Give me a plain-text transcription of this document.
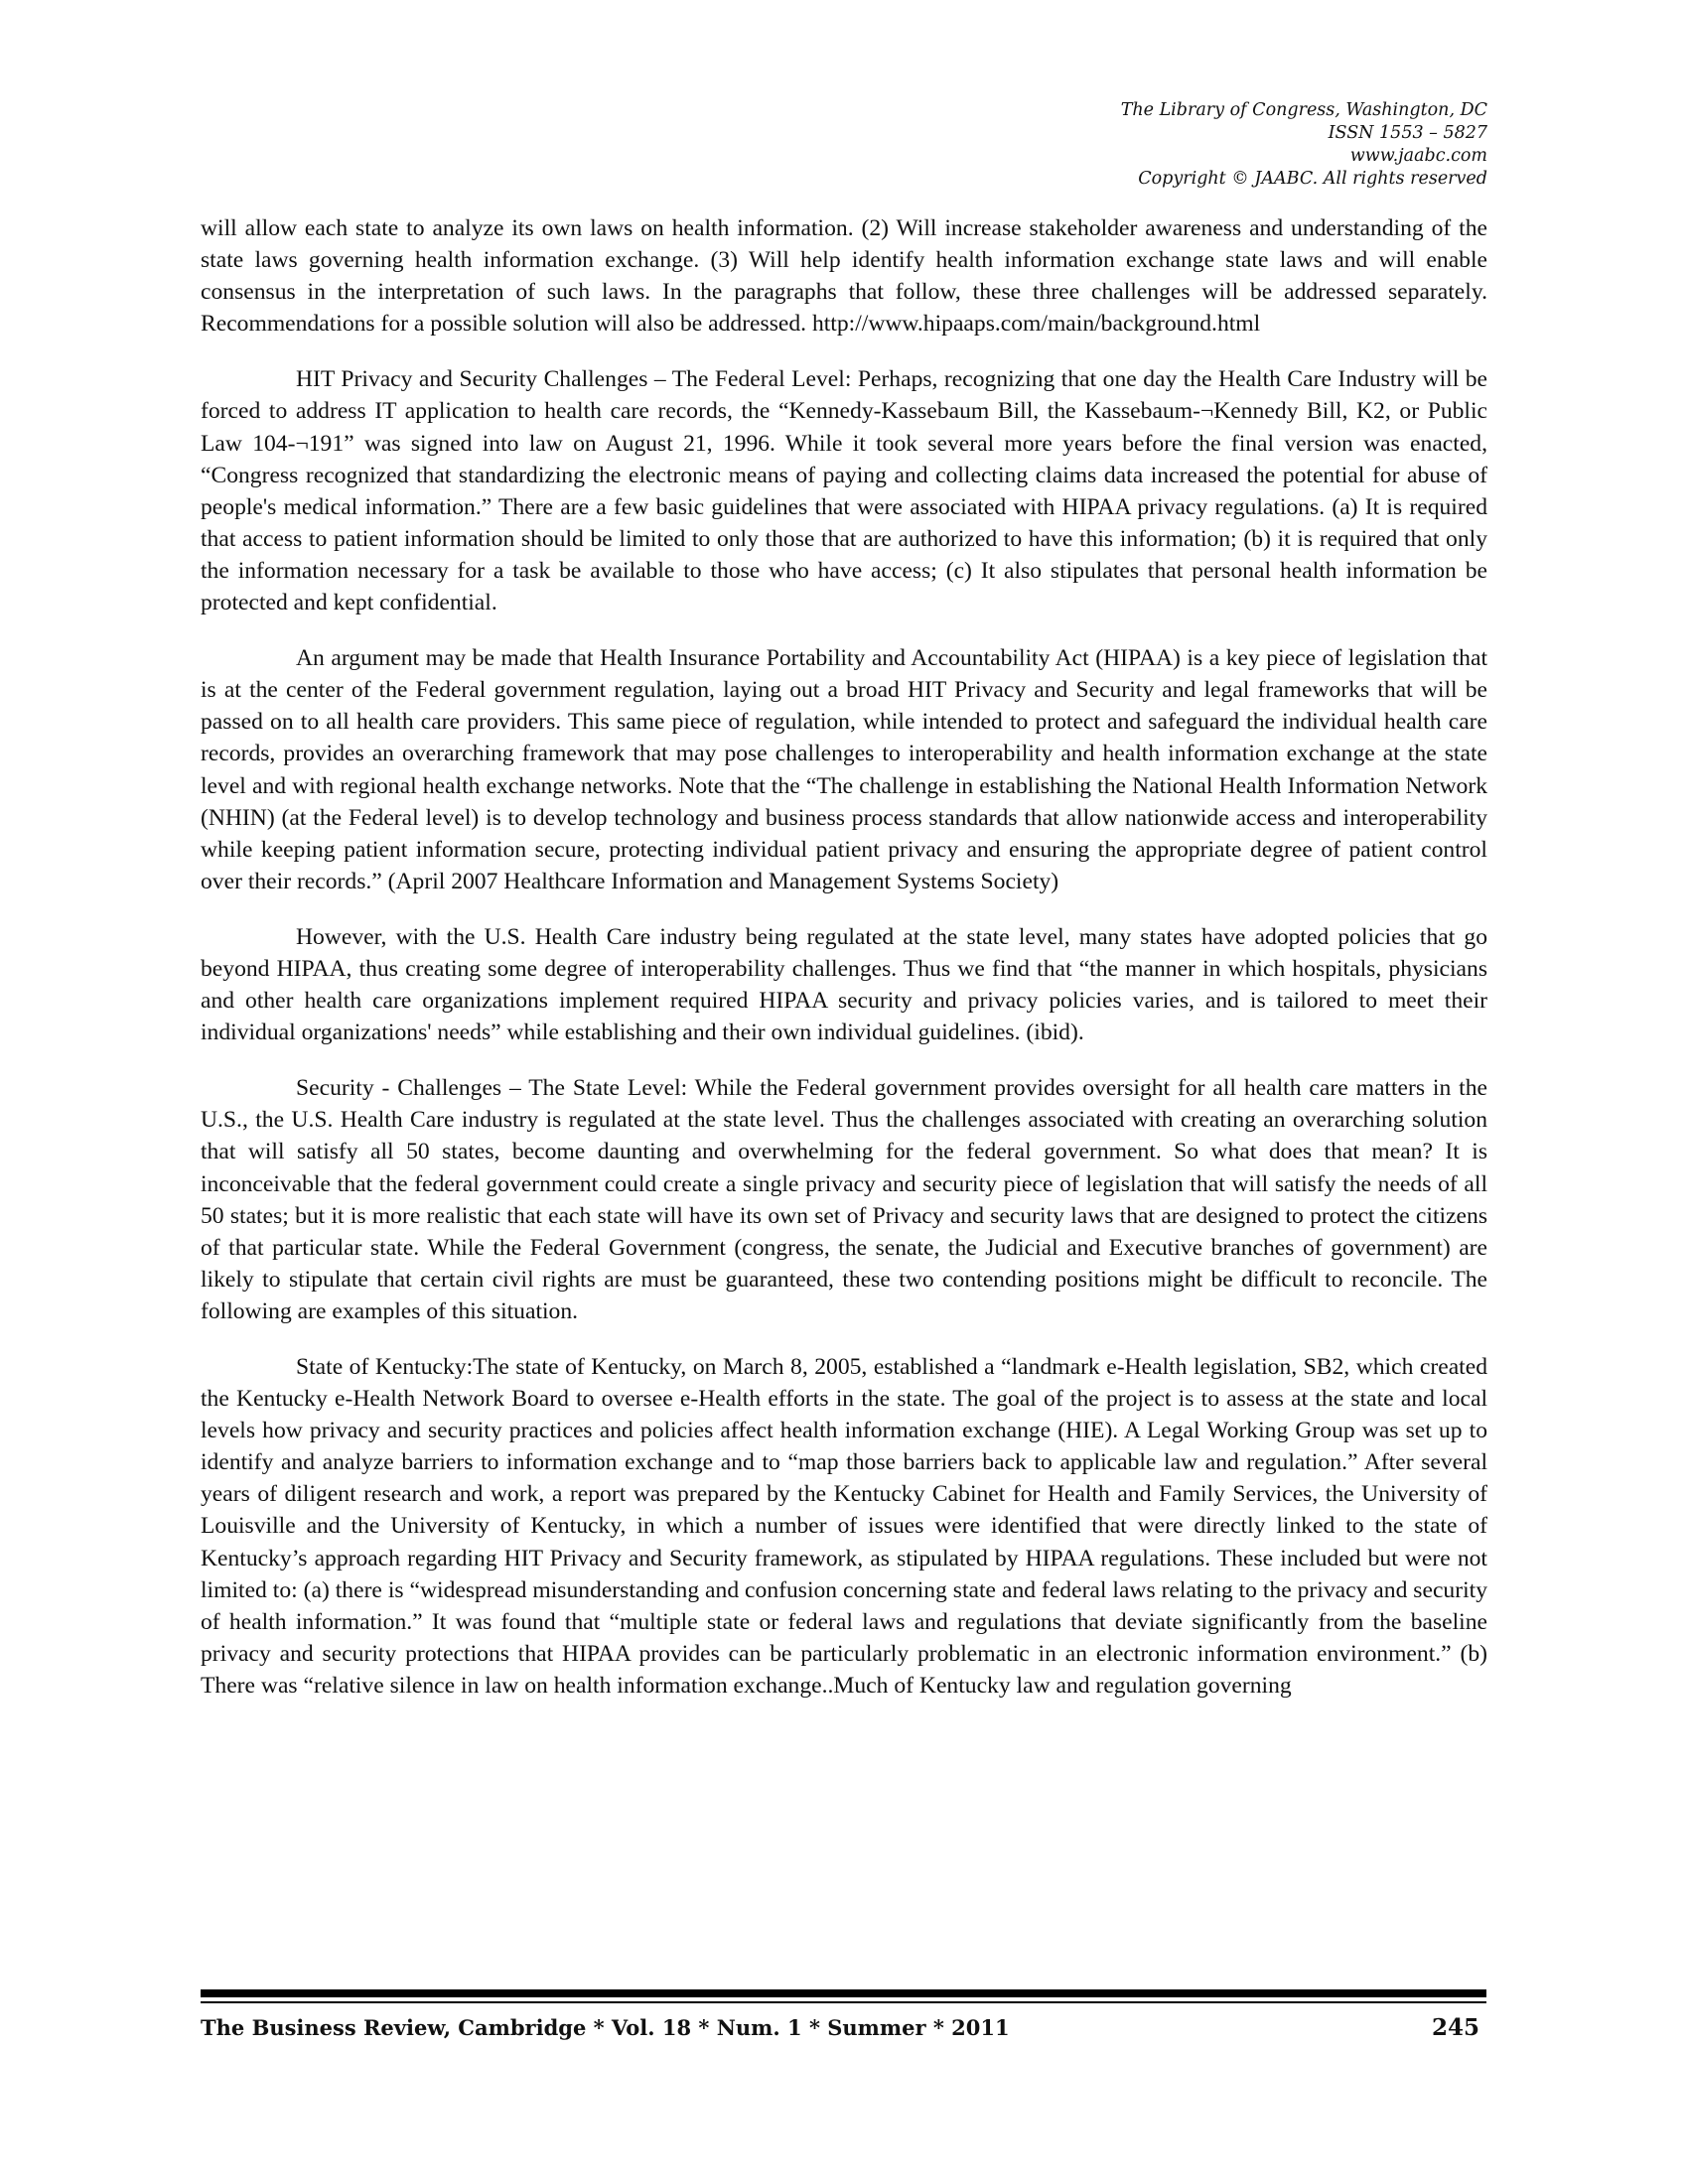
The Library of Congress, Washington, DC
ISSN 1553 – 5827
www.jaabc.com
Copyright © JAABC. All rights reserved

will allow each state to analyze its own laws on health information. (2) Will increase stakeholder awareness and understanding of the state laws governing health information exchange. (3) Will help identify health information exchange state laws and will enable consensus in the interpretation of such laws. In the paragraphs that follow, these three challenges will be addressed separately. Recommendations for a possible solution will also be addressed. http://www.hipaaps.com/main/background.html

HIT Privacy and Security Challenges – The Federal Level: Perhaps, recognizing that one day the Health Care Industry will be forced to address IT application to health care records, the “Kennedy-Kassebaum Bill, the Kassebaum-¬Kennedy Bill, K2, or Public Law 104-¬191” was signed into law on August 21, 1996. While it took several more years before the final version was enacted, “Congress recognized that standardizing the electronic means of paying and collecting claims data increased the potential for abuse of people's medical information.” There are a few basic guidelines that were associated with HIPAA privacy regulations. (a) It is required that access to patient information should be limited to only those that are authorized to have this information; (b) it is required that only the information necessary for a task be available to those who have access; (c) It also stipulates that personal health information be protected and kept confidential.

An argument may be made that Health Insurance Portability and Accountability Act (HIPAA) is a key piece of legislation that is at the center of the Federal government regulation, laying out a broad HIT Privacy and Security and legal frameworks that will be passed on to all health care providers. This same piece of regulation, while intended to protect and safeguard the individual health care records, provides an overarching framework that may pose challenges to interoperability and health information exchange at the state level and with regional health exchange networks. Note that the “The challenge in establishing the National Health Information Network (NHIN) (at the Federal level) is to develop technology and business process standards that allow nationwide access and interoperability while keeping patient information secure, protecting individual patient privacy and ensuring the appropriate degree of patient control over their records.” (April 2007 Healthcare Information and Management Systems Society)

However, with the U.S. Health Care industry being regulated at the state level, many states have adopted policies that go beyond HIPAA, thus creating some degree of interoperability challenges. Thus we find that “the manner in which hospitals, physicians and other health care organizations implement required HIPAA security and privacy policies varies, and is tailored to meet their individual organizations' needs” while establishing and their own individual guidelines. (ibid).

Security - Challenges – The State Level: While the Federal government provides oversight for all health care matters in the U.S., the U.S. Health Care industry is regulated at the state level. Thus the challenges associated with creating an overarching solution that will satisfy all 50 states, become daunting and overwhelming for the federal government. So what does that mean? It is inconceivable that the federal government could create a single privacy and security piece of legislation that will satisfy the needs of all 50 states; but it is more realistic that each state will have its own set of Privacy and security laws that are designed to protect the citizens of that particular state. While the Federal Government (congress, the senate, the Judicial and Executive branches of government) are likely to stipulate that certain civil rights are must be guaranteed, these two contending positions might be difficult to reconcile. The following are examples of this situation.

State of Kentucky:The state of Kentucky, on March 8, 2005, established a “landmark e-Health legislation, SB2, which created the Kentucky e-Health Network Board to oversee e-Health efforts in the state. The goal of the project is to assess at the state and local levels how privacy and security practices and policies affect health information exchange (HIE). A Legal Working Group was set up to identify and analyze barriers to information exchange and to “map those barriers back to applicable law and regulation.” After several years of diligent research and work, a report was prepared by the Kentucky Cabinet for Health and Family Services, the University of Louisville and the University of Kentucky, in which a number of issues were identified that were directly linked to the state of Kentucky’s approach regarding HIT Privacy and Security framework, as stipulated by HIPAA regulations. These included but were not limited to: (a) there is “widespread misunderstanding and confusion concerning state and federal laws relating to the privacy and security of health information.” It was found that “multiple state or federal laws and regulations that deviate significantly from the baseline privacy and security protections that HIPAA provides can be particularly problematic in an electronic information environment.” (b) There was “relative silence in law on health information exchange..Much of Kentucky law and regulation governing

The Business Review, Cambridge * Vol. 18 * Num. 1 * Summer * 2011	245
